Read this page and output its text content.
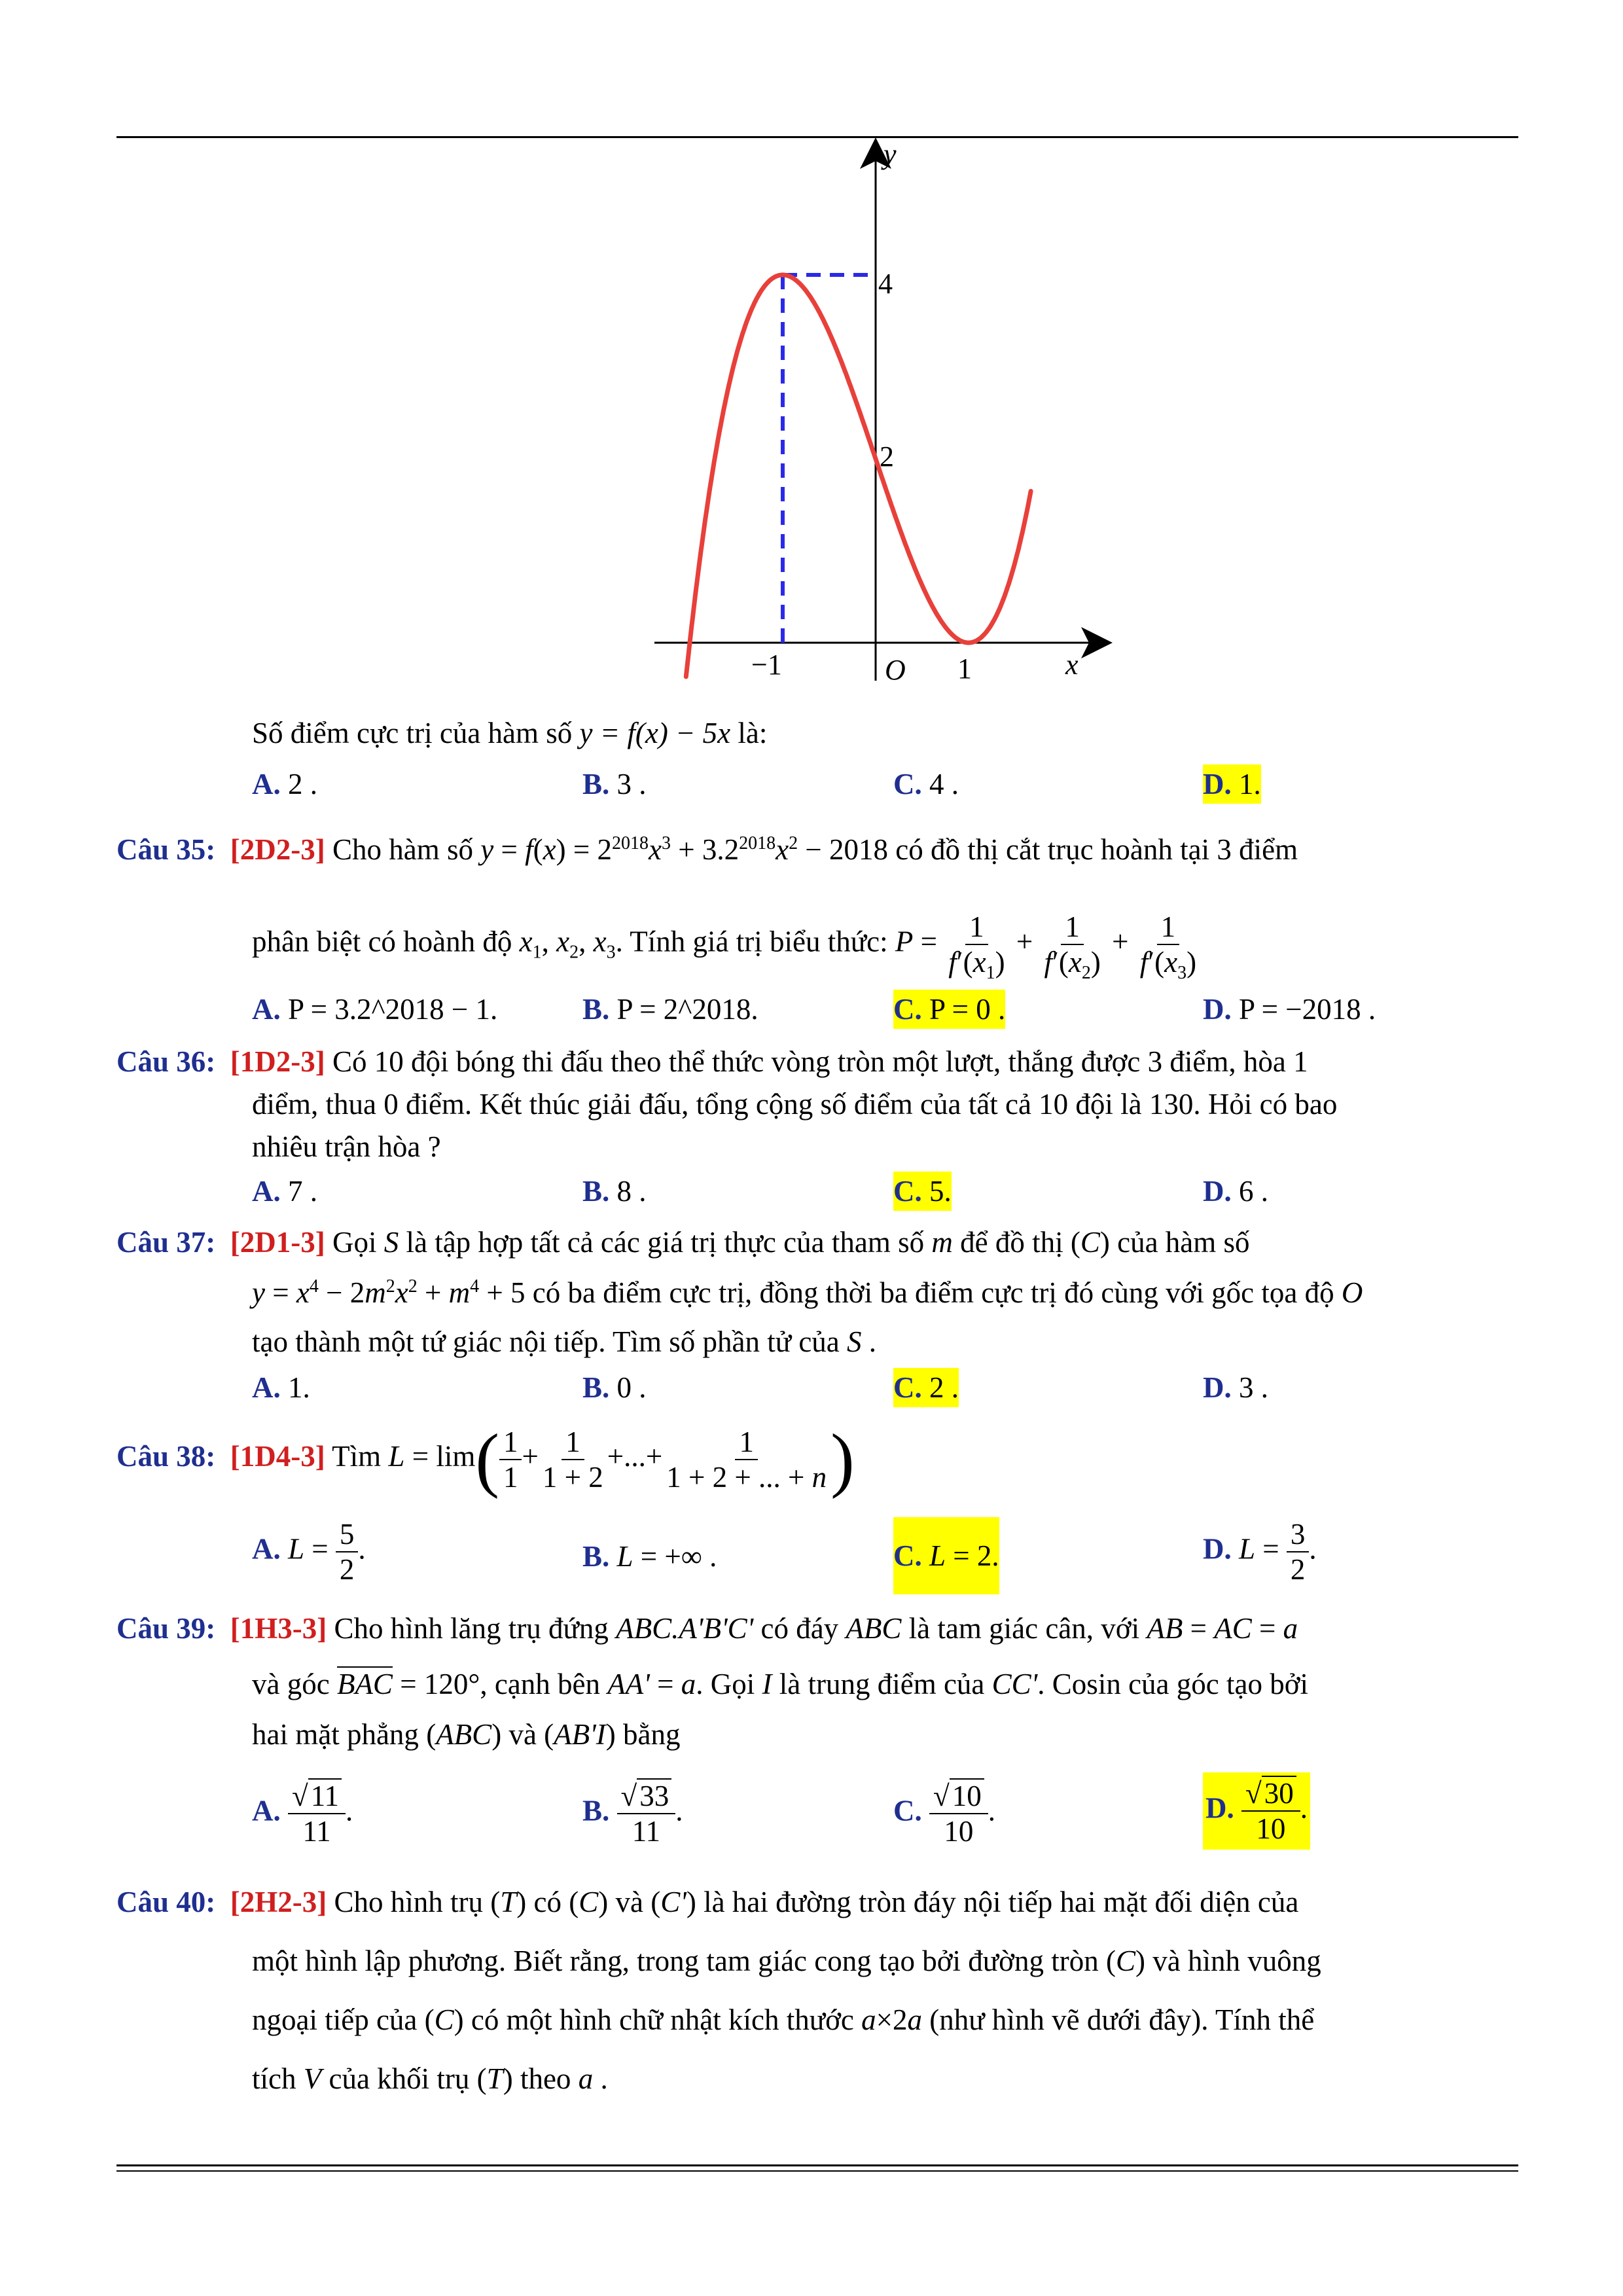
y
x
O
4
2
−1	1
Số điểm cực trị của hàm số y = f(x) − 5x là:
A. 2 .	B. 3 .	C. 4 .	D. 1.
Câu 35: [2D2-3] Cho hàm số $y = f(x) = 2^{2018}x^3 + 3.2^{2018}x^2 - 2018$ có đồ thị cắt trục hoành tại 3 điểm
phân biệt có hoành độ $x_1$, $x_2$, $x_3$. Tính giá trị biểu thức: $P = \frac{1}{f'(x_1)} + \frac{1}{f'(x_2)} + \frac{1}{f'(x_3)}$
A. P = 3.2^2018 − 1.	B. P = 2^2018.	C. P = 0 .	D. P = −2018 .
Câu 36: [1D2-3] Có 10 đội bóng thi đấu theo thể thức vòng tròn một lượt, thắng được 3 điểm, hòa 1
điểm, thua 0 điểm. Kết thúc giải đấu, tổng cộng số điểm của tất cả 10 đội là 130. Hỏi có bao
nhiêu trận hòa ?
A. 7 .	B. 8 .	C. 5.	D. 6 .
Câu 37: [2D1-3] Gọi S là tập hợp tất cả các giá trị thực của tham số m để đồ thị (C) của hàm số
$y = x^4 - 2m^2x^2 + m^4 + 5$ có ba điểm cực trị, đồng thời ba điểm cực trị đó cùng với gốc tọa độ O
tạo thành một tứ giác nội tiếp. Tìm số phần tử của S .
A. 1.	B. 0 .	C. 2 .	D. 3 .
Câu 38: [1D4-3] Tìm $L = \lim( \frac{1}{1} + \frac{1}{1 + 2}$ +...+ $\frac{1}{1 + 2 + ... + n}$ )
A. $L = \frac{5}{2}$ .	B. L = +∞ .	C. L = 2.	D. $L = \frac{3}{2}$ .
Câu 39: [1H3-3] Cho hình lăng trụ đứng ABC.A'B'C' có đáy ABC là tam giác cân, với AB = AC = a
và góc BAC = 120°, cạnh bên AA' = a. Gọi I là trung điểm của CC'. Cosin của góc tạo bởi
hai mặt phẳng (ABC) và (AB'I) bằng
A. $\frac{√11}{11}$ .	B. $\frac{√33}{11}$ .	C. $\frac{√10}{10}$ .	D. $\frac{√30}{10}$ .
Câu 40: [2H2-3] Cho hình trụ (T) có (C) và (C') là hai đường tròn đáy nội tiếp hai mặt đối diện của
một hình lập phương. Biết rằng, trong tam giác cong tạo bởi đường tròn (C) và hình vuông
ngoại tiếp của (C) có một hình chữ nhật kích thước a×2a (như hình vẽ dưới đây). Tính thể
tích V của khối trụ (T) theo a .
